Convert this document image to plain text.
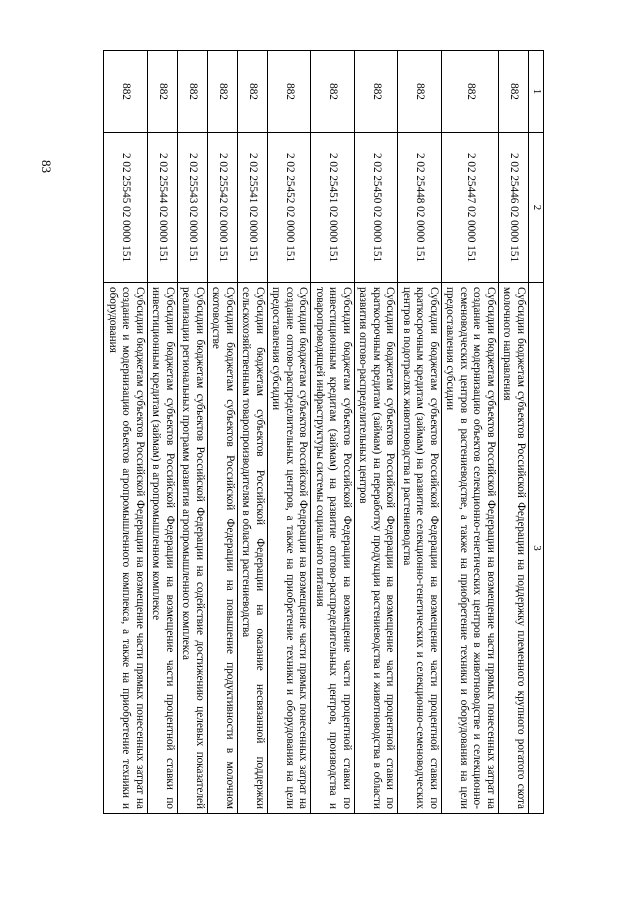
83
1	2	3
882	2 02 25446 02 0000 151	Субсидии бюджетам субъектов Российской Федерации на поддержку племенного крупного рогатого скота молочного направления
882	2 02 25447 02 0000 151	Субсидии бюджетам субъектов Российской Федерации на возмещение части прямых понесенных затрат на создание и модернизацию объектов селекционно-генетических центров в животноводстве и селекционно-семеноводческих центров в растениеводстве, а также на приобретение техники и оборудования на цели предоставления субсидии
882	2 02 25448 02 0000 151	Субсидии бюджетам субъектов Российской Федерации на возмещение части процентной ставки по краткосрочным кредитам (займам) на развитие селекционно-генетических и селекционно-семеноводческих центров в подотраслях животноводства и растениеводства
882	2 02 25450 02 0000 151	Субсидии бюджетам субъектов Российской Федерации на возмещение части процентной ставки по краткосрочным кредитам (займам) на переработку продукции растениеводства и животноводства в области развития оптово-распределительных центров
882	2 02 25451 02 0000 151	Субсидии бюджетам субъектов Российской Федерации на возмещение части процентной ставки по инвестиционным кредитам (займам) на развитие оптово-распределительных центров, производства и товаропроводящей инфраструктуры системы социального питания
882	2 02 25452 02 0000 151	Субсидии бюджетам субъектов Российской Федерации на возмещение части прямых понесенных затрат на создание оптово-распределительных центров, а также на приобретение техники и оборудования на цели предоставления субсидии
882	2 02 25541 02 0000 151	Субсидии бюджетам субъектов Российской Федерации на оказание несвязанной поддержки сельскохозяйственным товаропроизводителям в области растениеводства
882	2 02 25542 02 0000 151	Субсидии бюджетам субъектов Российской Федерации на повышение продуктивности в молочном скотоводстве
882	2 02 25543 02 0000 151	Субсидии бюджетам субъектов Российской Федерации на содействие достижению целевых показателей реализации региональных программ развития агропромышленного комплекса
882	2 02 25544 02 0000 151	Субсидии бюджетам субъектов Российской Федерации на возмещение части процентной ставки по инвестиционным кредитам (займам) в агропромышленном комплексе
882	2 02 25545 02 0000 151	Субсидии бюджетам субъектов Российской Федерации на возмещение части прямых понесенных затрат на создание и модернизацию объектов агропромышленного комплекса, а также на приобретение техники и оборудования
